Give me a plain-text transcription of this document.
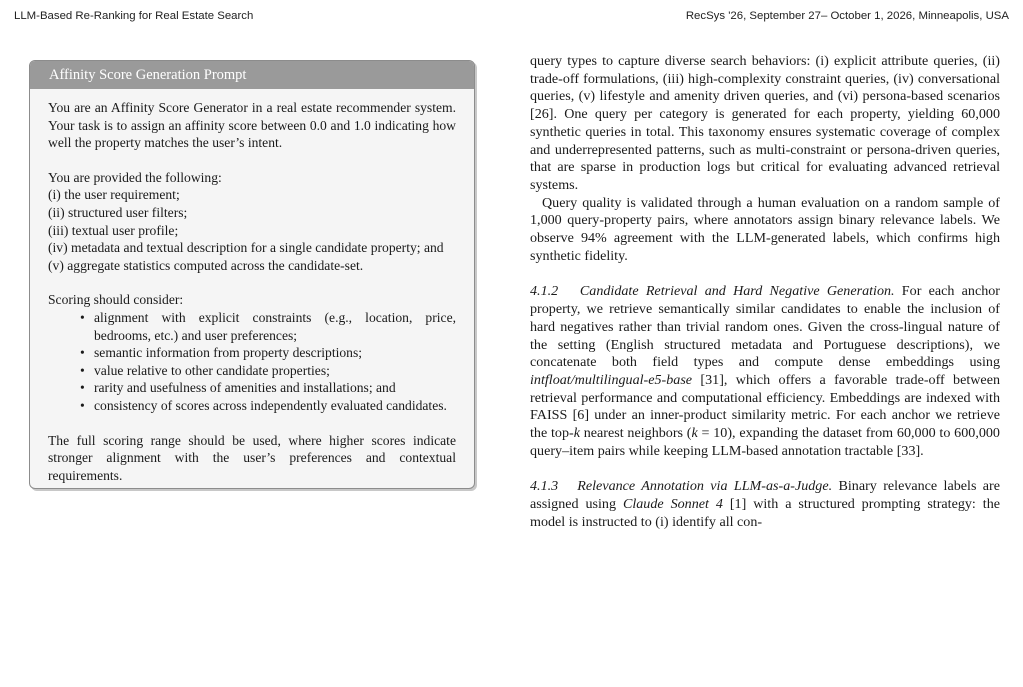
LLM-Based Re-Ranking for Real Estate Search	RecSys '26, September 27– October 1, 2026, Minneapolis, USA
Affinity Score Generation Prompt

You are an Affinity Score Generator in a real estate recommender system. Your task is to assign an affinity score between 0.0 and 1.0 indicating how well the property matches the user’s intent.

You are provided the following:

(i) the user requirement;

(ii) structured user filters;

(iii) textual user profile;

(iv) metadata and textual description for a single candidate property; and

(v) aggregate statistics computed across the candidate-set.

Scoring should consider:

• alignment with explicit constraints (e.g., location, price, bedrooms, etc.) and user preferences;
• semantic information from property descriptions;
• value relative to other candidate properties;
• rarity and usefulness of amenities and installations; and
• consistency of scores across independently evaluated candidates.

The full scoring range should be used, where higher scores indicate stronger alignment with the user’s preferences and contextual requirements.

query types to capture diverse search behaviors: (i) explicit attribute queries, (ii) trade-off formulations, (iii) high-complexity constraint queries, (iv) conversational queries, (v) lifestyle and amenity driven queries, and (vi) persona-based scenarios [26]. One query per category is generated for each property, yielding 60,000 synthetic queries in total. This taxonomy ensures systematic coverage of complex and underrepresented patterns, such as multi-constraint or persona-driven queries, that are sparse in production logs but critical for evaluating advanced retrieval systems.

Query quality is validated through a human evaluation on a random sample of 1,000 query-property pairs, where annotators assign binary relevance labels. We observe 94% agreement with the LLM-generated labels, which confirms high synthetic fidelity.

4.1.2 Candidate Retrieval and Hard Negative Generation. For each anchor property, we retrieve semantically similar candidates to enable the inclusion of hard negatives rather than trivial random ones. Given the cross-lingual nature of the setting (English structured metadata and Portuguese descriptions), we concatenate both field types and compute dense embeddings using intfloat/multilingual-e5-base [31], which offers a favorable trade-off between retrieval performance and computational efficiency. Embeddings are indexed with FAISS [6] under an inner-product similarity metric. For each anchor we retrieve the top-k nearest neighbors (k = 10), expanding the dataset from 60,000 to 600,000 query–item pairs while keeping LLM-based annotation tractable [33].

4.1.3 Relevance Annotation via LLM-as-a-Judge. Binary relevance labels are assigned using Claude Sonnet 4 [1] with a structured prompting strategy: the model is instructed to (i) identify all con-
